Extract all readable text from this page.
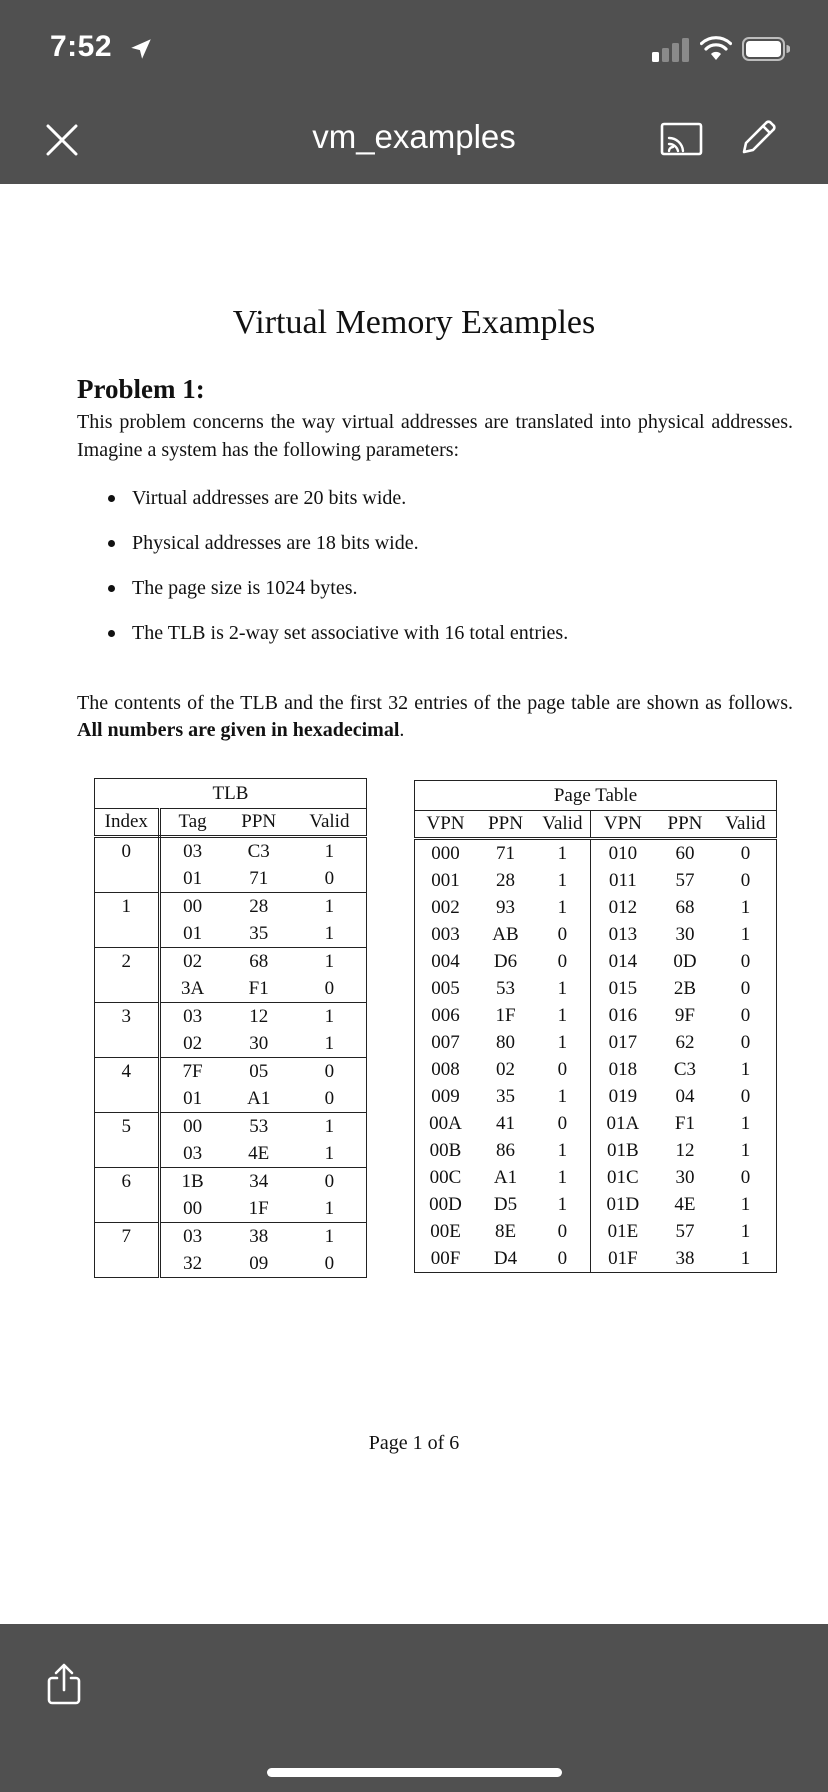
7:52
vm_examples
Virtual Memory Examples
Problem 1:
This problem concerns the way virtual addresses are translated into physical addresses. Imagine a system has the following parameters:
Virtual addresses are 20 bits wide.
Physical addresses are 18 bits wide.
The page size is 1024 bytes.
The TLB is 2-way set associative with 16 total entries.
The contents of the TLB and the first 32 entries of the page table are shown as follows. All numbers are given in hexadecimal.
TLB			
Index	Tag	PPN	Valid
0	03	C3	1
	01	71	0
1	00	28	1
	01	35	1
2	02	68	1
	3A	F1	0
3	03	12	1
	02	30	1
4	7F	05	0
	01	A1	0
5	00	53	1
	03	4E	1
6	1B	34	0
	00	1F	1
7	03	38	1
	32	09	0
Page Table					
VPN	PPN	Valid	VPN	PPN	Valid
000	71	1	010	60	0
001	28	1	011	57	0
002	93	1	012	68	1
003	AB	0	013	30	1
004	D6	0	014	0D	0
005	53	1	015	2B	0
006	1F	1	016	9F	0
007	80	1	017	62	0
008	02	0	018	C3	1
009	35	1	019	04	0
00A	41	0	01A	F1	1
00B	86	1	01B	12	1
00C	A1	1	01C	30	0
00D	D5	1	01D	4E	1
00E	8E	0	01E	57	1
00F	D4	0	01F	38	1
Page 1 of 6
